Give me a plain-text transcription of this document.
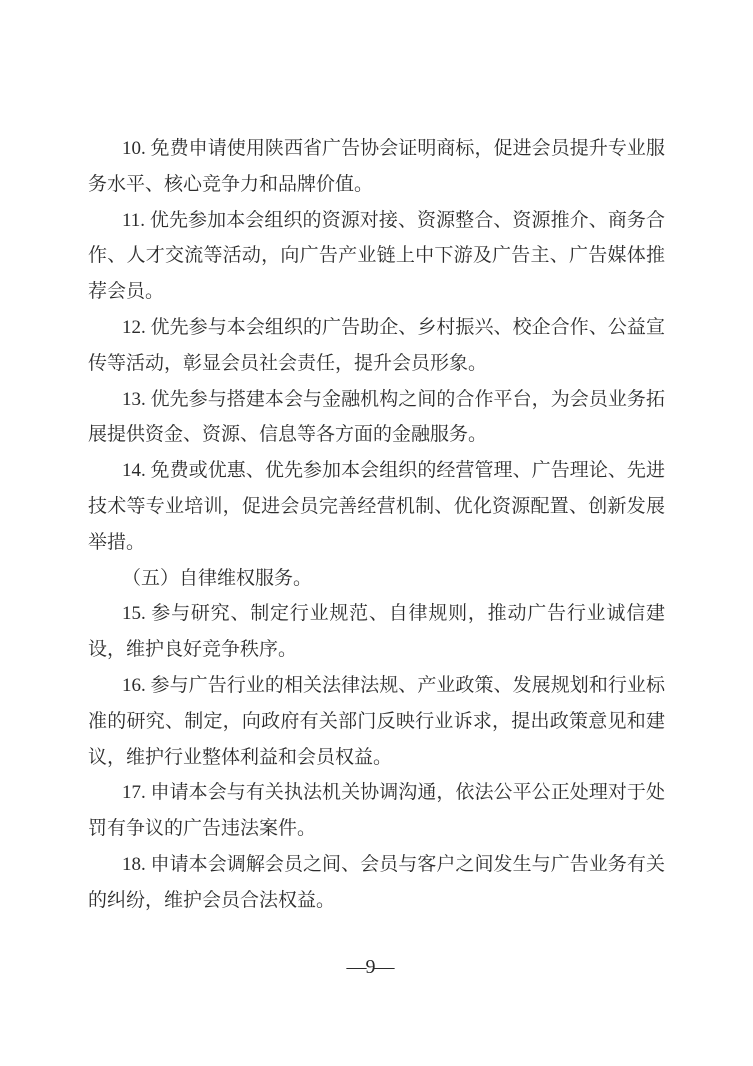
10. 免费申请使用陕西省广告协会证明商标，促进会员提升专业服务水平、核心竞争力和品牌价值。

11. 优先参加本会组织的资源对接、资源整合、资源推介、商务合作、人才交流等活动，向广告产业链上中下游及广告主、广告媒体推荐会员。

12. 优先参与本会组织的广告助企、乡村振兴、校企合作、公益宣传等活动，彰显会员社会责任，提升会员形象。

13. 优先参与搭建本会与金融机构之间的合作平台，为会员业务拓展提供资金、资源、信息等各方面的金融服务。

14. 免费或优惠、优先参加本会组织的经营管理、广告理论、先进技术等专业培训，促进会员完善经营机制、优化资源配置、创新发展举措。

（五）自律维权服务。

15. 参与研究、制定行业规范、自律规则，推动广告行业诚信建设，维护良好竞争秩序。

16. 参与广告行业的相关法律法规、产业政策、发展规划和行业标准的研究、制定，向政府有关部门反映行业诉求，提出政策意见和建议，维护行业整体利益和会员权益。

17. 申请本会与有关执法机关协调沟通，依法公平公正处理对于处罚有争议的广告违法案件。

18. 申请本会调解会员之间、会员与客户之间发生与广告业务有关的纠纷，维护会员合法权益。

—9—
